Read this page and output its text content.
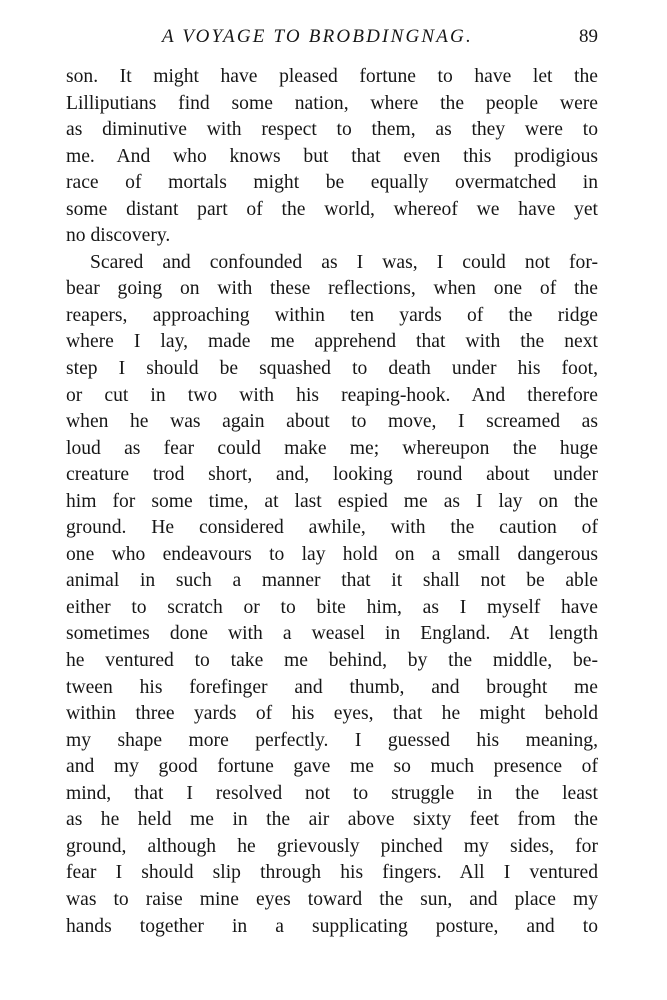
A VOYAGE TO BROBDINGNAG.	89
son. It might have pleased fortune to have let the
Lilliputians find some nation, where the people were
as diminutive with respect to them, as they were to
me. And who knows but that even this prodigious
race of mortals might be equally overmatched in
some distant part of the world, whereof we have yet
no discovery.
Scared and confounded as I was, I could not for-
bear going on with these reflections, when one of the
reapers, approaching within ten yards of the ridge
where I lay, made me apprehend that with the next
step I should be squashed to death under his foot,
or cut in two with his reaping-hook. And therefore
when he was again about to move, I screamed as
loud as fear could make me; whereupon the huge
creature trod short, and, looking round about under
him for some time, at last espied me as I lay on the
ground. He considered awhile, with the caution of
one who endeavours to lay hold on a small dangerous
animal in such a manner that it shall not be able
either to scratch or to bite him, as I myself have
sometimes done with a weasel in England. At length
he ventured to take me behind, by the middle, be-
tween his forefinger and thumb, and brought me
within three yards of his eyes, that he might behold
my shape more perfectly. I guessed his meaning,
and my good fortune gave me so much presence of
mind, that I resolved not to struggle in the least
as he held me in the air above sixty feet from the
ground, although he grievously pinched my sides, for
fear I should slip through his fingers. All I ventured
was to raise mine eyes toward the sun, and place my
hands together in a supplicating posture, and to
